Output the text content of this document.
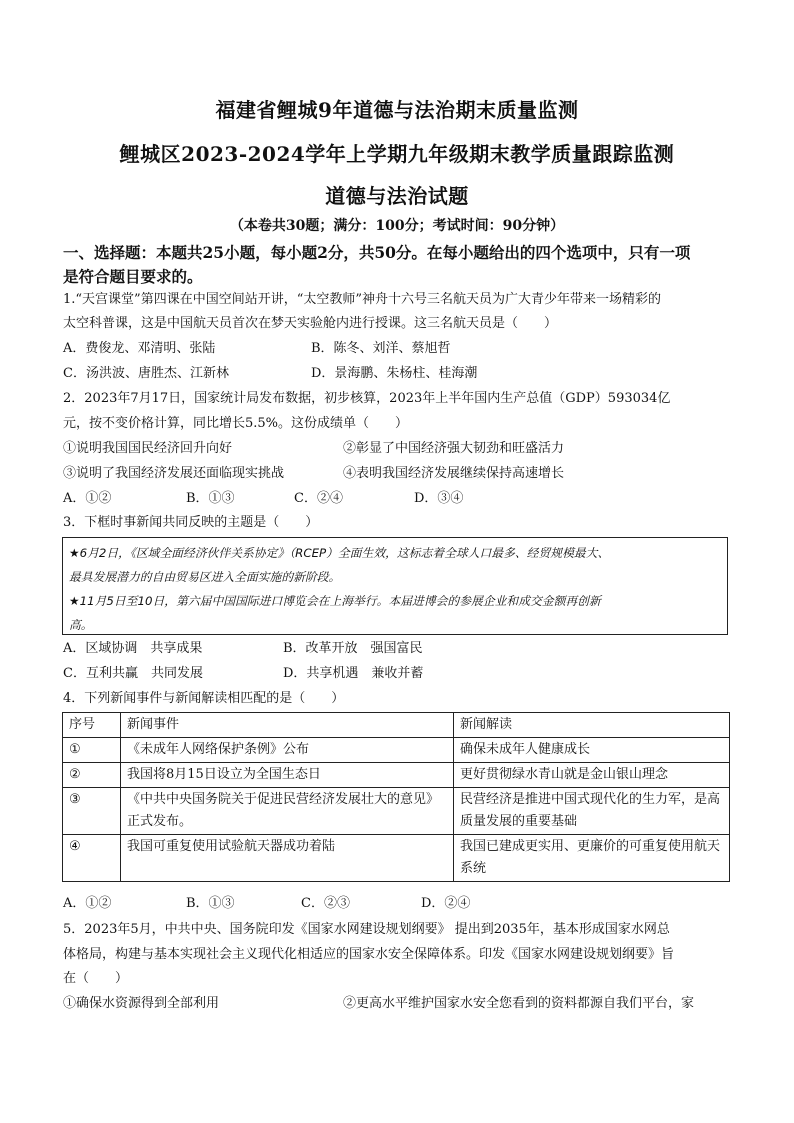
福建省鲤城9年道德与法治期末质量监测
鲤城区2023-2024学年上学期九年级期末教学质量跟踪监测
道德与法治试题
（本卷共30题；满分：100分；考试时间：90分钟）
一、选择题：本题共25小题，每小题2分，共50分。在每小题给出的四个选项中，只有一项
是符合题目要求的。
1.“天宫课堂”第四课在中国空间站开讲，“太空教师”神舟十六号三名航天员为广大青少年带来一场精彩的
太空科普课，这是中国航天员首次在梦天实验舱内进行授课。这三名航天员是（　　）
A．费俊龙、邓清明、张陆	B．陈冬、刘洋、蔡旭哲
C．汤洪波、唐胜杰、江新林	D．景海鹏、朱杨柱、桂海潮
2．2023年7月17日，国家统计局发布数据，初步核算，2023年上半年国内生产总值（GDP）593034亿
元，按不变价格计算，同比增长5.5%。这份成绩单（　　）
①说明我国国民经济回升向好	②彰显了中国经济强大韧劲和旺盛活力
③说明了我国经济发展还面临现实挑战	④表明我国经济发展继续保持高速增长
A．①②	B．①③	C．②④	D．③④
3．下框时事新闻共同反映的主题是（　　）
★6月2日，《区域全面经济伙伴关系协定》（RCEP）全面生效，这标志着全球人口最多、经贸规模最大、
最具发展潜力的自由贸易区进入全面实施的新阶段。
★11月5日至10日，第六届中国国际进口博览会在上海举行。本届进博会的参展企业和成交金额再创新
高。
A．区域协调　共享成果	B．改革开放　强国富民
C．互利共赢　共同发展	D．共享机遇　兼收并蓄
4．下列新闻事件与新闻解读相匹配的是（　　）
序号	新闻事件	新闻解读
①	《未成年人网络保护条例》公布	确保未成年人健康成长
②	我国将8月15日设立为全国生态日	更好贯彻绿水青山就是金山银山理念
③	《中共中央国务院关于促进民营经济发展壮大的意见》正式发布。	民营经济是推进中国式现代化的生力军，是高质量发展的重要基础
④	我国可重复使用试验航天器成功着陆	我国已建成更实用、更廉价的可重复使用航天系统
A．①②	B．①③	C．②③	D．②④
5．2023年5月，中共中央、国务院印发《国家水网建设规划纲要》 提出到2035年，基本形成国家水网总
体格局，构建与基本实现社会主义现代化相适应的国家水安全保障体系。印发《国家水网建设规划纲要》旨
在（　　）
①确保水资源得到全部利用	②更高水平维护国家水安全您看到的资料都源自我们平台，家
